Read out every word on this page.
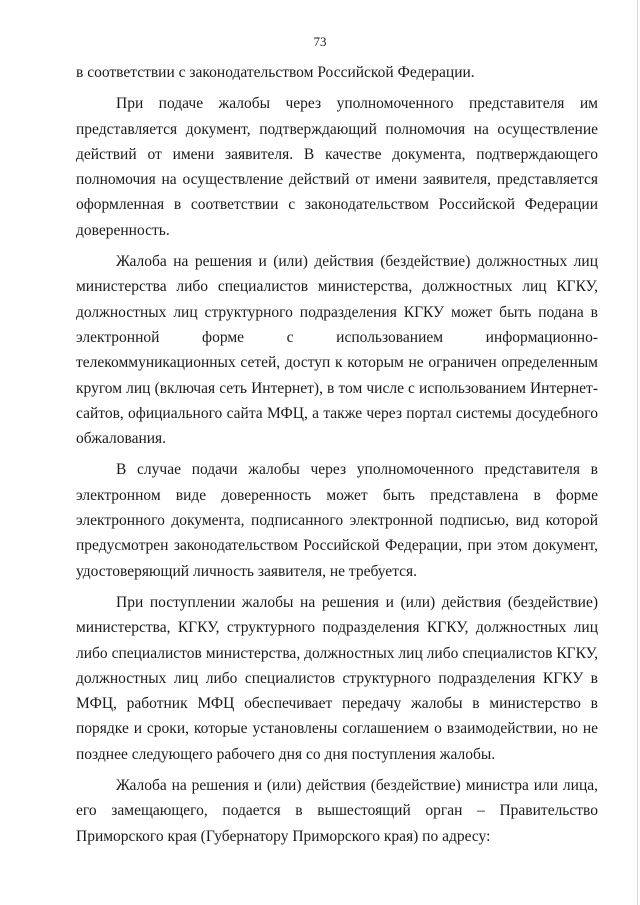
73

в соответствии с законодательством Российской Федерации.

При подаче жалобы через уполномоченного представителя им представляется документ, подтверждающий полномочия на осуществление действий от имени заявителя. В качестве документа, подтверждающего полномочия на осуществление действий от имени заявителя, представляется оформленная в соответствии с законодательством Российской Федерации доверенность.

Жалоба на решения и (или) действия (бездействие) должностных лиц министерства либо специалистов министерства, должностных лиц КГКУ, должностных лиц структурного подразделения КГКУ может быть подана в электронной форме с использованием информационно-телекоммуникационных сетей, доступ к которым не ограничен определенным кругом лиц (включая сеть Интернет), в том числе с использованием Интернет-сайтов, официального сайта МФЦ, а также через портал системы досудебного обжалования.

В случае подачи жалобы через уполномоченного представителя в электронном виде доверенность может быть представлена в форме электронного документа, подписанного электронной подписью, вид которой предусмотрен законодательством Российской Федерации, при этом документ, удостоверяющий личность заявителя, не требуется.

При поступлении жалобы на решения и (или) действия (бездействие) министерства, КГКУ, структурного подразделения КГКУ, должностных лиц либо специалистов министерства, должностных лиц либо специалистов КГКУ, должностных лиц либо специалистов структурного подразделения КГКУ в МФЦ, работник МФЦ обеспечивает передачу жалобы в министерство в порядке и сроки, которые установлены соглашением о взаимодействии, но не позднее следующего рабочего дня со дня поступления жалобы.

Жалоба на решения и (или) действия (бездействие) министра или лица, его замещающего, подается в вышестоящий орган – Правительство Приморского края (Губернатору Приморского края) по адресу:
